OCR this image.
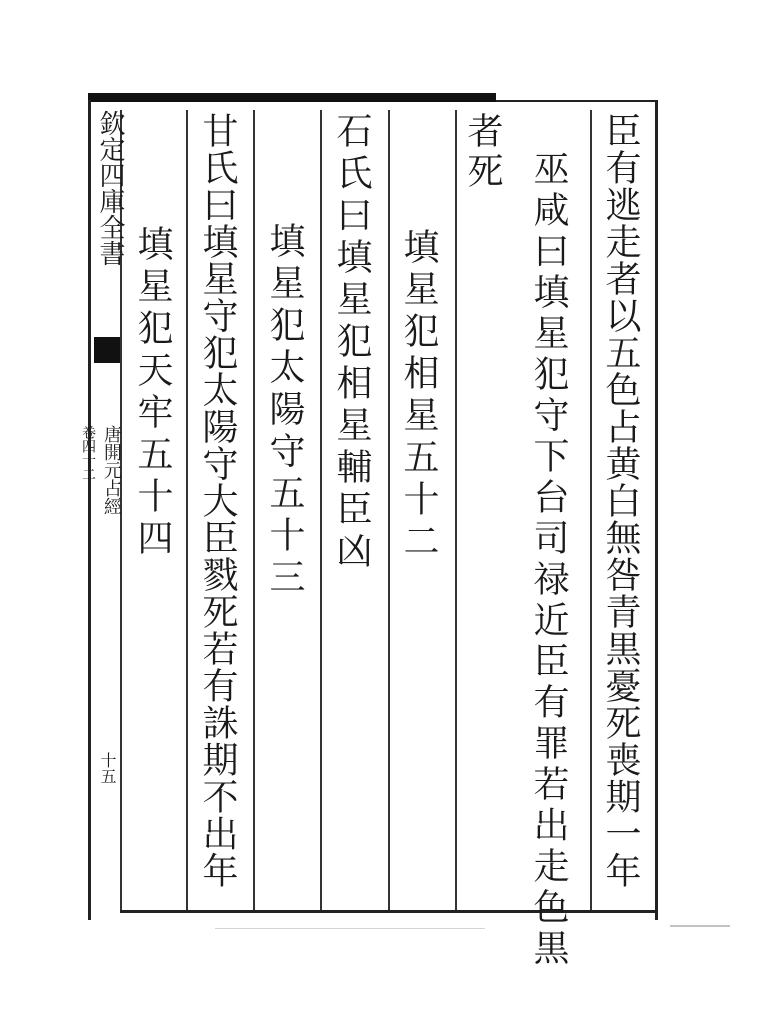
欽定四庫全書
唐開元占經
卷四十二
十五	臣有逃走者以五色占黄白無咎青黒憂死喪期一年
巫咸曰填星犯守下台司禄近臣有罪若出走色黒
者死
填星犯相星五十二
石氏曰填星犯相星輔臣凶
填星犯太陽守五十三
甘氏曰填星守犯太陽守大臣戮死若有誅期不出年
填星犯天牢五十四
